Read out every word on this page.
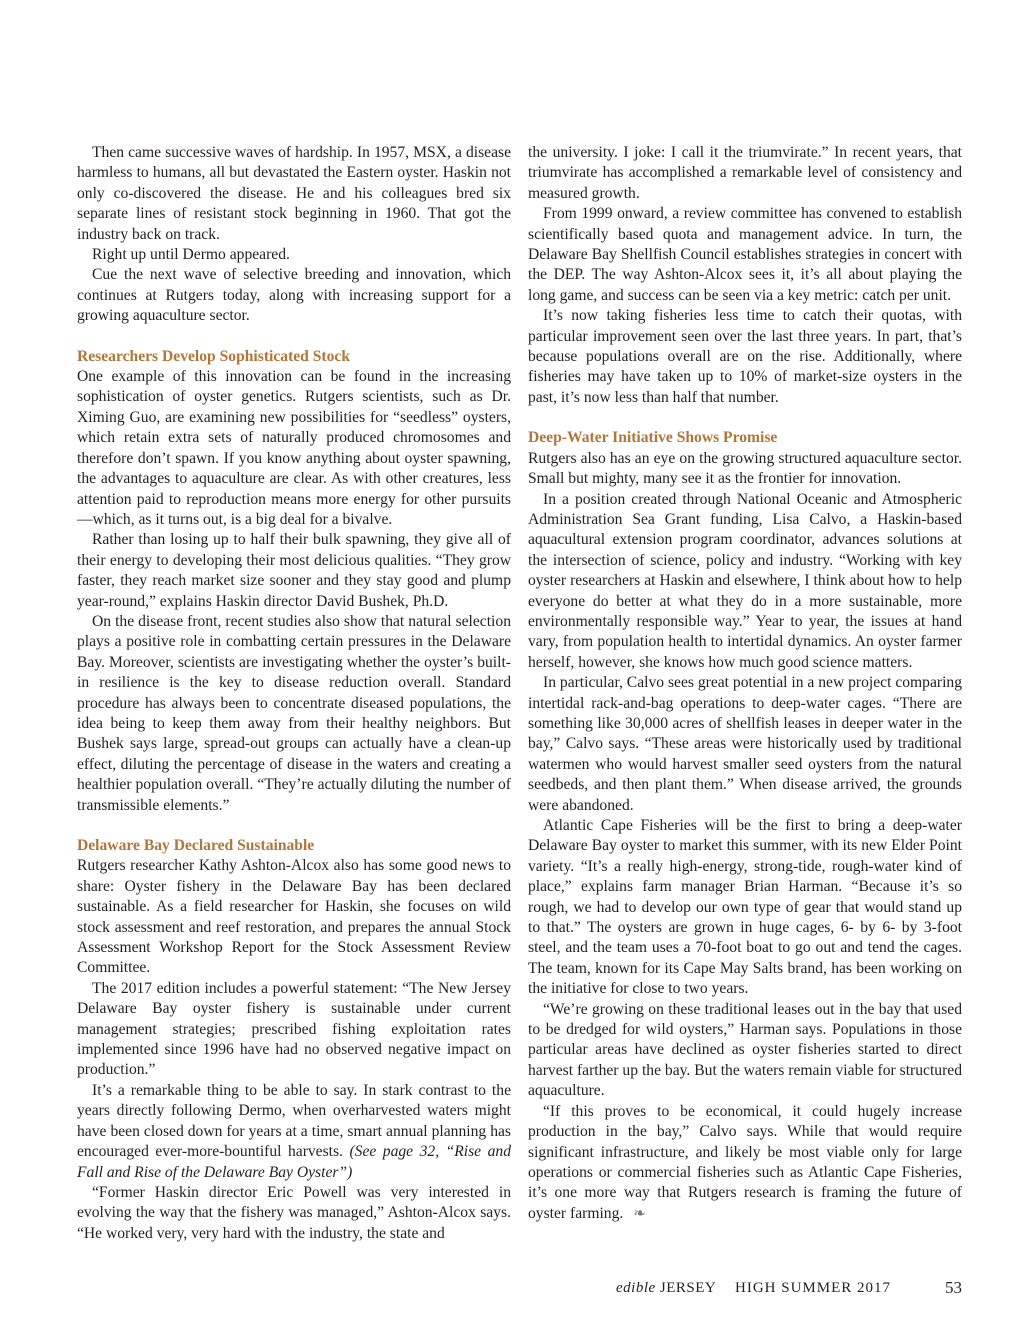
Then came successive waves of hardship. In 1957, MSX, a disease harmless to humans, all but devastated the Eastern oyster. Haskin not only co-discovered the disease. He and his colleagues bred six separate lines of resistant stock beginning in 1960. That got the industry back on track.

Right up until Dermo appeared.

Cue the next wave of selective breeding and innovation, which continues at Rutgers today, along with increasing support for a growing aquaculture sector.

Researchers Develop Sophisticated Stock

One example of this innovation can be found in the increasing sophistication of oyster genetics. Rutgers scientists, such as Dr. Ximing Guo, are examining new possibilities for “seedless” oysters, which retain extra sets of naturally produced chromosomes and therefore don’t spawn. If you know anything about oyster spawning, the advantages to aquaculture are clear. As with other creatures, less attention paid to reproduction means more energy for other pursuits—which, as it turns out, is a big deal for a bivalve.

Rather than losing up to half their bulk spawning, they give all of their energy to developing their most delicious qualities. “They grow faster, they reach market size sooner and they stay good and plump year-round,” explains Haskin director David Bushek, Ph.D.

On the disease front, recent studies also show that natural selection plays a positive role in combatting certain pressures in the Delaware Bay. Moreover, scientists are investigating whether the oyster’s built-in resilience is the key to disease reduction overall. Standard procedure has always been to concentrate diseased populations, the idea being to keep them away from their healthy neighbors. But Bushek says large, spread-out groups can actually have a clean-up effect, diluting the percentage of disease in the waters and creating a healthier population overall. “They’re actually diluting the number of transmissible elements.”

Delaware Bay Declared Sustainable

Rutgers researcher Kathy Ashton-Alcox also has some good news to share: Oyster fishery in the Delaware Bay has been declared sustainable. As a field researcher for Haskin, she focuses on wild stock assessment and reef restoration, and prepares the annual Stock Assessment Workshop Report for the Stock Assessment Review Committee.

The 2017 edition includes a powerful statement: “The New Jersey Delaware Bay oyster fishery is sustainable under current management strategies; prescribed fishing exploitation rates implemented since 1996 have had no observed negative impact on production.”

It’s a remarkable thing to be able to say. In stark contrast to the years directly following Dermo, when overharvested waters might have been closed down for years at a time, smart annual planning has encouraged ever-more-bountiful harvests. (See page 32, “Rise and Fall and Rise of the Delaware Bay Oyster”)

“Former Haskin director Eric Powell was very interested in evolving the way that the fishery was managed,” Ashton-Alcox says. “He worked very, very hard with the industry, the state and

the university. I joke: I call it the triumvirate.” In recent years, that triumvirate has accomplished a remarkable level of consistency and measured growth.

From 1999 onward, a review committee has convened to establish scientifically based quota and management advice. In turn, the Delaware Bay Shellfish Council establishes strategies in concert with the DEP. The way Ashton-Alcox sees it, it’s all about playing the long game, and success can be seen via a key metric: catch per unit.

It’s now taking fisheries less time to catch their quotas, with particular improvement seen over the last three years. In part, that’s because populations overall are on the rise. Additionally, where fisheries may have taken up to 10% of market-size oysters in the past, it’s now less than half that number.

Deep-Water Initiative Shows Promise

Rutgers also has an eye on the growing structured aquaculture sector. Small but mighty, many see it as the frontier for innovation.

In a position created through National Oceanic and Atmospheric Administration Sea Grant funding, Lisa Calvo, a Haskin-based aquacultural extension program coordinator, advances solutions at the intersection of science, policy and industry. “Working with key oyster researchers at Haskin and elsewhere, I think about how to help everyone do better at what they do in a more sustainable, more environmentally responsible way.” Year to year, the issues at hand vary, from population health to intertidal dynamics. An oyster farmer herself, however, she knows how much good science matters.

In particular, Calvo sees great potential in a new project comparing intertidal rack-and-bag operations to deep-water cages. “There are something like 30,000 acres of shellfish leases in deeper water in the bay,” Calvo says. “These areas were historically used by traditional watermen who would harvest smaller seed oysters from the natural seedbeds, and then plant them.” When disease arrived, the grounds were abandoned.

Atlantic Cape Fisheries will be the first to bring a deep-water Delaware Bay oyster to market this summer, with its new Elder Point variety. “It’s a really high-energy, strong-tide, rough-water kind of place,” explains farm manager Brian Harman. “Because it’s so rough, we had to develop our own type of gear that would stand up to that.” The oysters are grown in huge cages, 6- by 6- by 3-foot steel, and the team uses a 70-foot boat to go out and tend the cages. The team, known for its Cape May Salts brand, has been working on the initiative for close to two years.

“We’re growing on these traditional leases out in the bay that used to be dredged for wild oysters,” Harman says. Populations in those particular areas have declined as oyster fisheries started to direct harvest farther up the bay. But the waters remain viable for structured aquaculture.

“If this proves to be economical, it could hugely increase production in the bay,” Calvo says. While that would require significant infrastructure, and likely be most viable only for large operations or commercial fisheries such as Atlantic Cape Fisheries, it’s one more way that Rutgers research is framing the future of oyster farming. ❧

edible JERSEY HIGH SUMMER 2017	53
